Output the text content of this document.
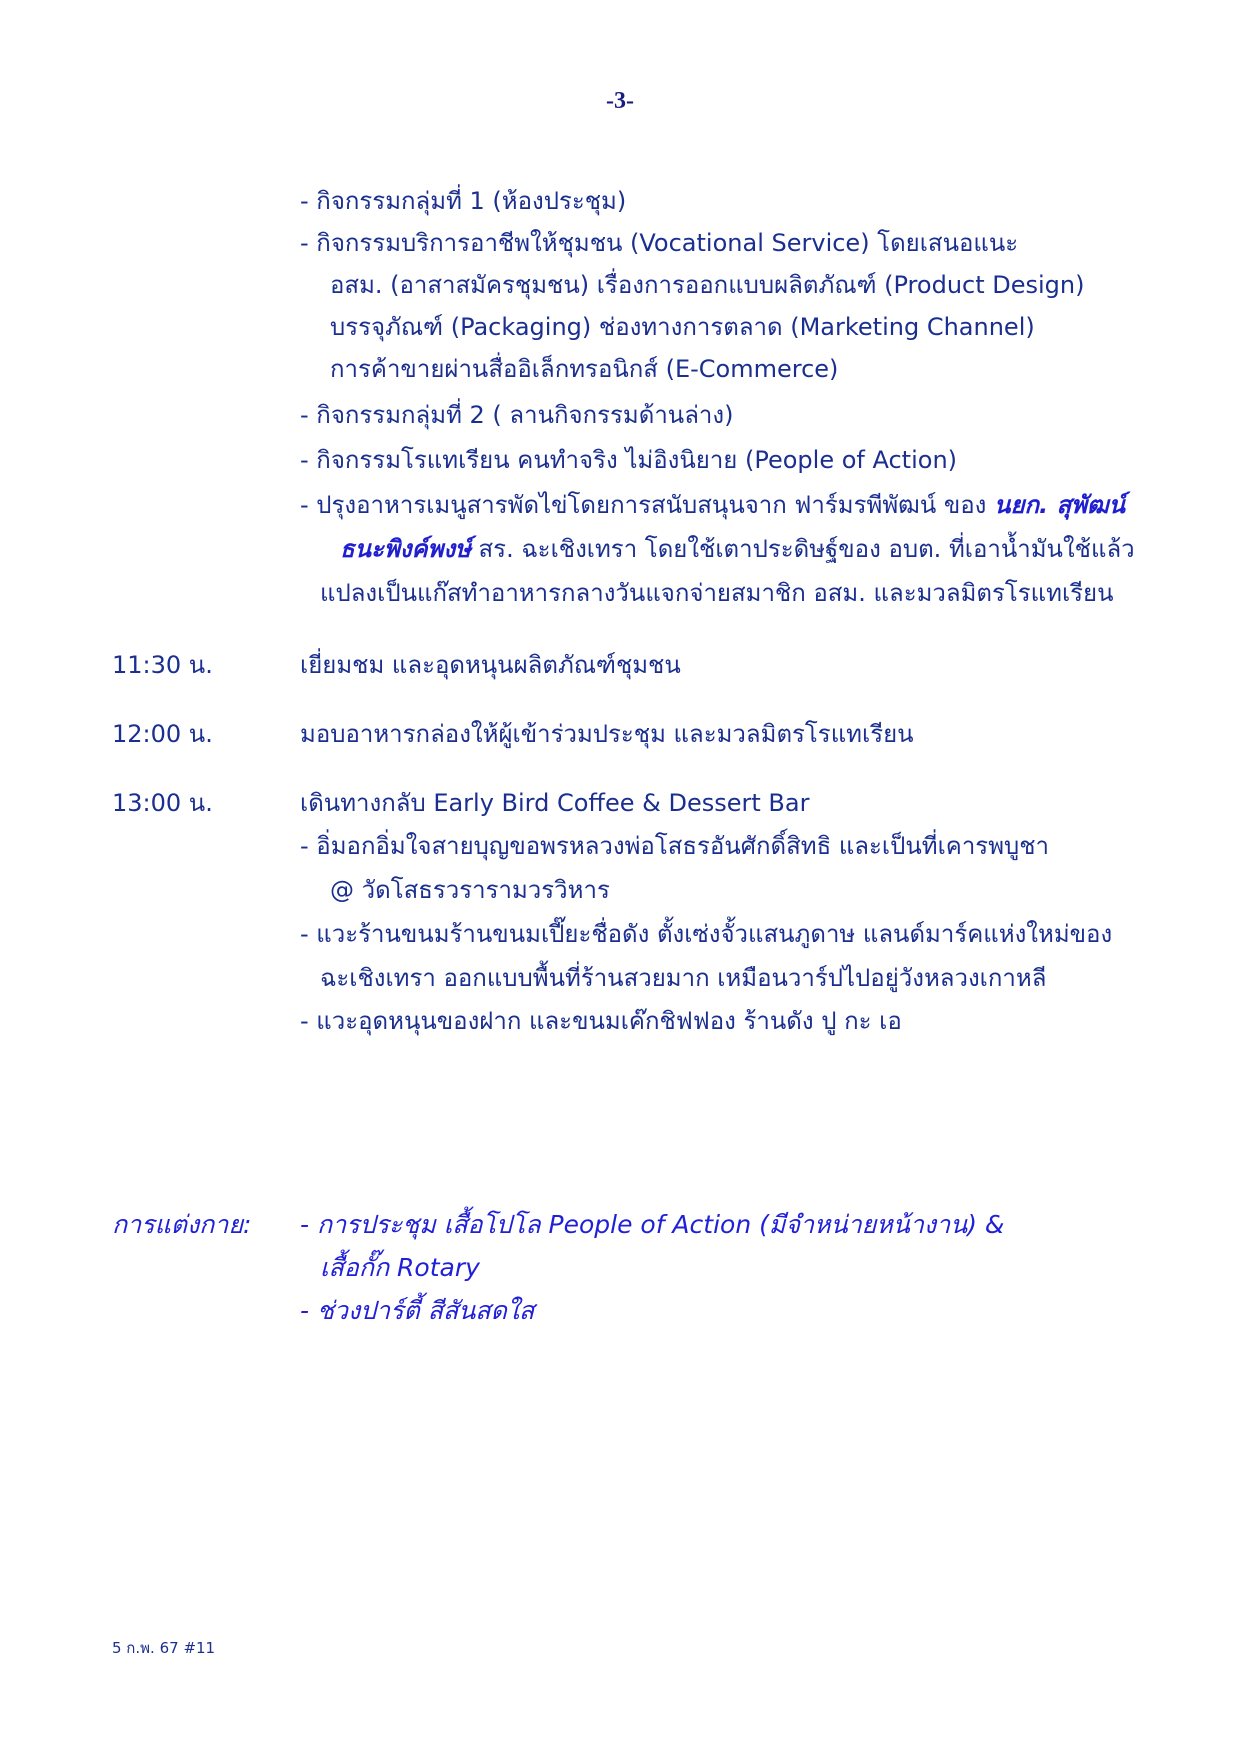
-3-
- กิจกรรมกลุ่มที่ 1 (ห้องประชุม)
- กิจกรรมบริการอาชีพให้ชุมชน (Vocational Service) โดยเสนอแนะ
อสม. (อาสาสมัครชุมชน) เรื่องการออกแบบผลิตภัณฑ์ (Product Design)
บรรจุภัณฑ์ (Packaging) ช่องทางการตลาด (Marketing Channel)
การค้าขายผ่านสื่ออิเล็กทรอนิกส์ (E-Commerce)
- กิจกรรมกลุ่มที่ 2 ( ลานกิจกรรมด้านล่าง)
- กิจกรรมโรแทเรียน คนทำจริง ไม่อิงนิยาย (People of Action)
- ปรุงอาหารเมนูสารพัดไข่โดยการสนับสนุนจาก ฟาร์มรพีพัฒน์ ของ นยก. สุพัฒน์
ธนะพิงค์พงษ์ สร. ฉะเชิงเทรา โดยใช้เตาประดิษฐ์ของ อบต. ที่เอาน้ำมันใช้แล้ว
แปลงเป็นแก๊สทำอาหารกลางวันแจกจ่ายสมาชิก อสม. และมวลมิตรโรแทเรียน
11:30 น.	เยี่ยมชม และอุดหนุนผลิตภัณฑ์ชุมชน
12:00 น.	มอบอาหารกล่องให้ผู้เข้าร่วมประชุม และมวลมิตรโรแทเรียน
13:00 น.	เดินทางกลับ Early Bird Coffee & Dessert Bar
- อิ่มอกอิ่มใจสายบุญขอพรหลวงพ่อโสธรอันศักดิ์สิทธิ และเป็นที่เคารพบูชา
@ วัดโสธรวรารามวรวิหาร
- แวะร้านขนมร้านขนมเปี๊ยะชื่อดัง ตั้งเซ่งจั้วแสนภูดาษ แลนด์มาร์คแห่งใหม่ของ
ฉะเชิงเทรา ออกแบบพื้นที่ร้านสวยมาก เหมือนวาร์ปไปอยู่วังหลวงเกาหลี
- แวะอุดหนุนของฝาก และขนมเค๊กชิฟฟอง ร้านดัง ปู กะ เอ
การแต่งกาย: - การประชุม เสื้อโปโล People of Action (มีจำหน่ายหน้างาน) &
เสื้อกั๊ก Rotary
- ช่วงปาร์ตี้ สีสันสดใส
5 ก.พ. 67 #11
